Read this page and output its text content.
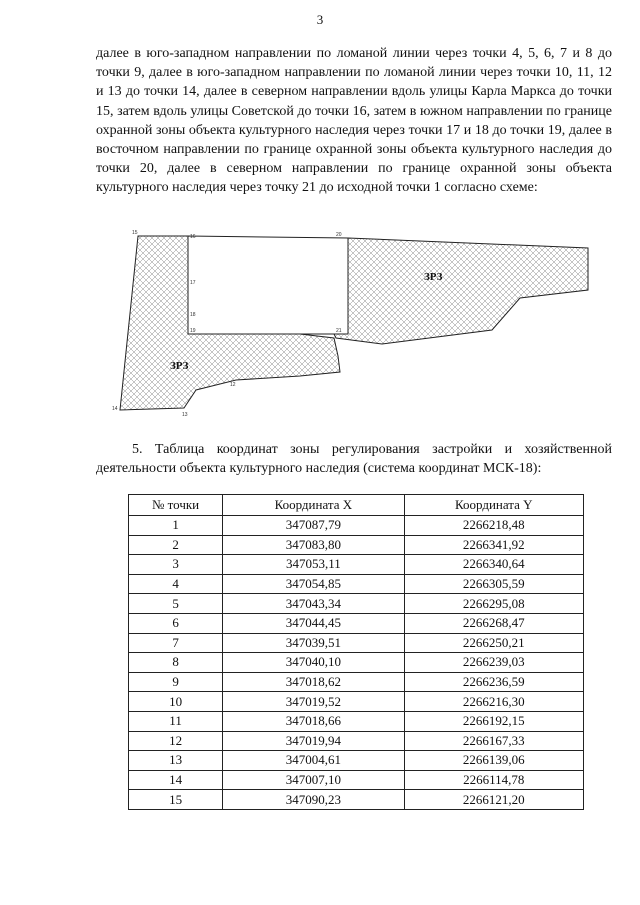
3

далее в юго-западном направлении по ломаной линии через точки 4, 5, 6, 7 и 8 до точки 9, далее в юго-западном направлении по ломаной линии через точки 10, 11, 12 и 13 до точки 14, далее в северном направлении вдоль улицы Карла Маркса до точки 15, затем вдоль улицы Советской до точки 16, затем в южном направлении по границе охранной зоны объекта культурного наследия через точки 17 и 18 до точки 19, далее в восточном направлении по границе охранной зоны объекта культурного наследия до точки 20, далее в северном направлении по границе охранной зоны объекта культурного наследия через точку 21 до исходной точки 1 согласно схеме:

ЗРЗ
ЗРЗ
15
16
17
18
19
20
21
14
13
12

5. Таблица координат зоны регулирования застройки и хозяйственной деятельности объекта культурного наследия (система координат МСК-18):

№ точки	Координата X	Координата Y
1	347087,79	2266218,48
2	347083,80	2266341,92
3	347053,11	2266340,64
4	347054,85	2266305,59
5	347043,34	2266295,08
6	347044,45	2266268,47
7	347039,51	2266250,21
8	347040,10	2266239,03
9	347018,62	2266236,59
10	347019,52	2266216,30
11	347018,66	2266192,15
12	347019,94	2266167,33
13	347004,61	2266139,06
14	347007,10	2266114,78
15	347090,23	2266121,20
